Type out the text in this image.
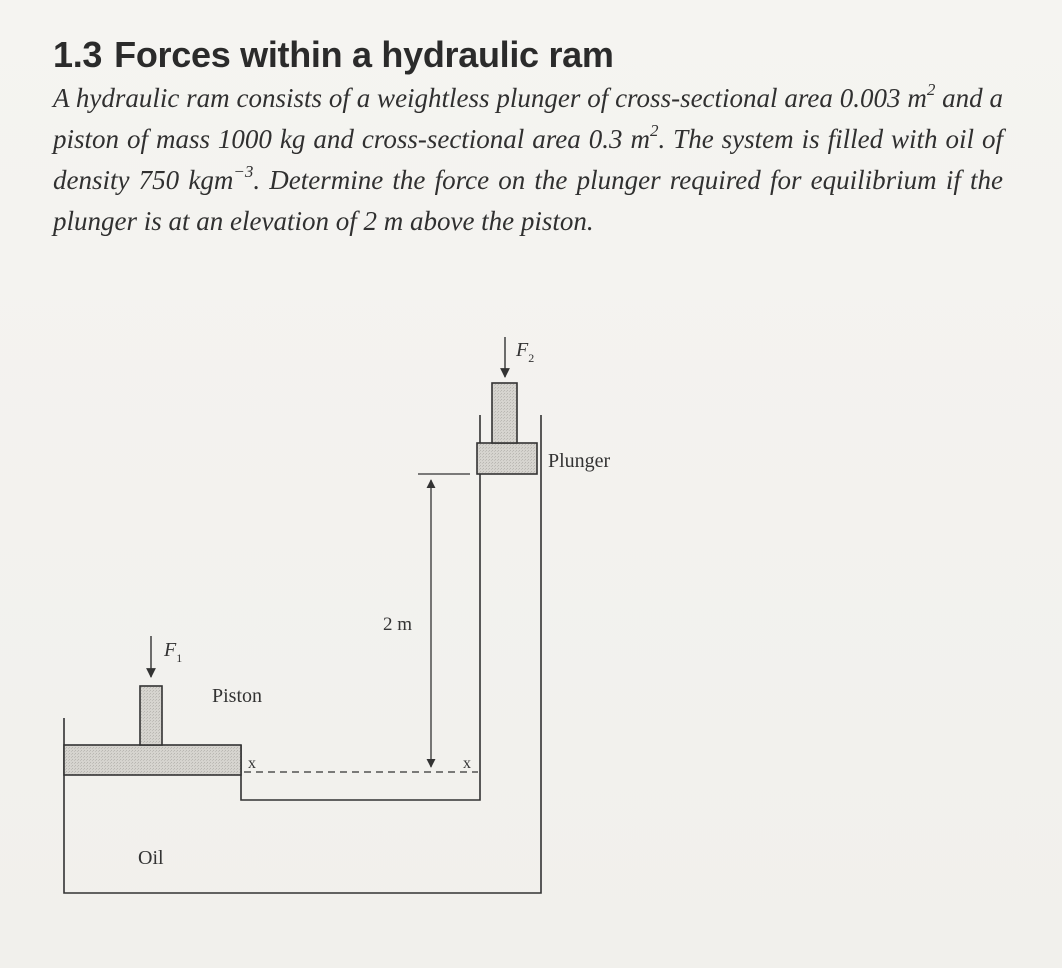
1.3 Forces within a hydraulic ram
A hydraulic ram consists of a weightless plunger of cross-sectional area 0.003 $m^2$ and a piston of mass 1000 kg and cross-sectional area 0.3 $m^2$. The system is filled with oil of density 750 kgm$^{-3}$. Determine the force on the plunger required for equilibrium if the plunger is at an elevation of 2 m above the piston.
$F_1$
$F_2$
2 m
x	x
Piston
Plunger
Oil
